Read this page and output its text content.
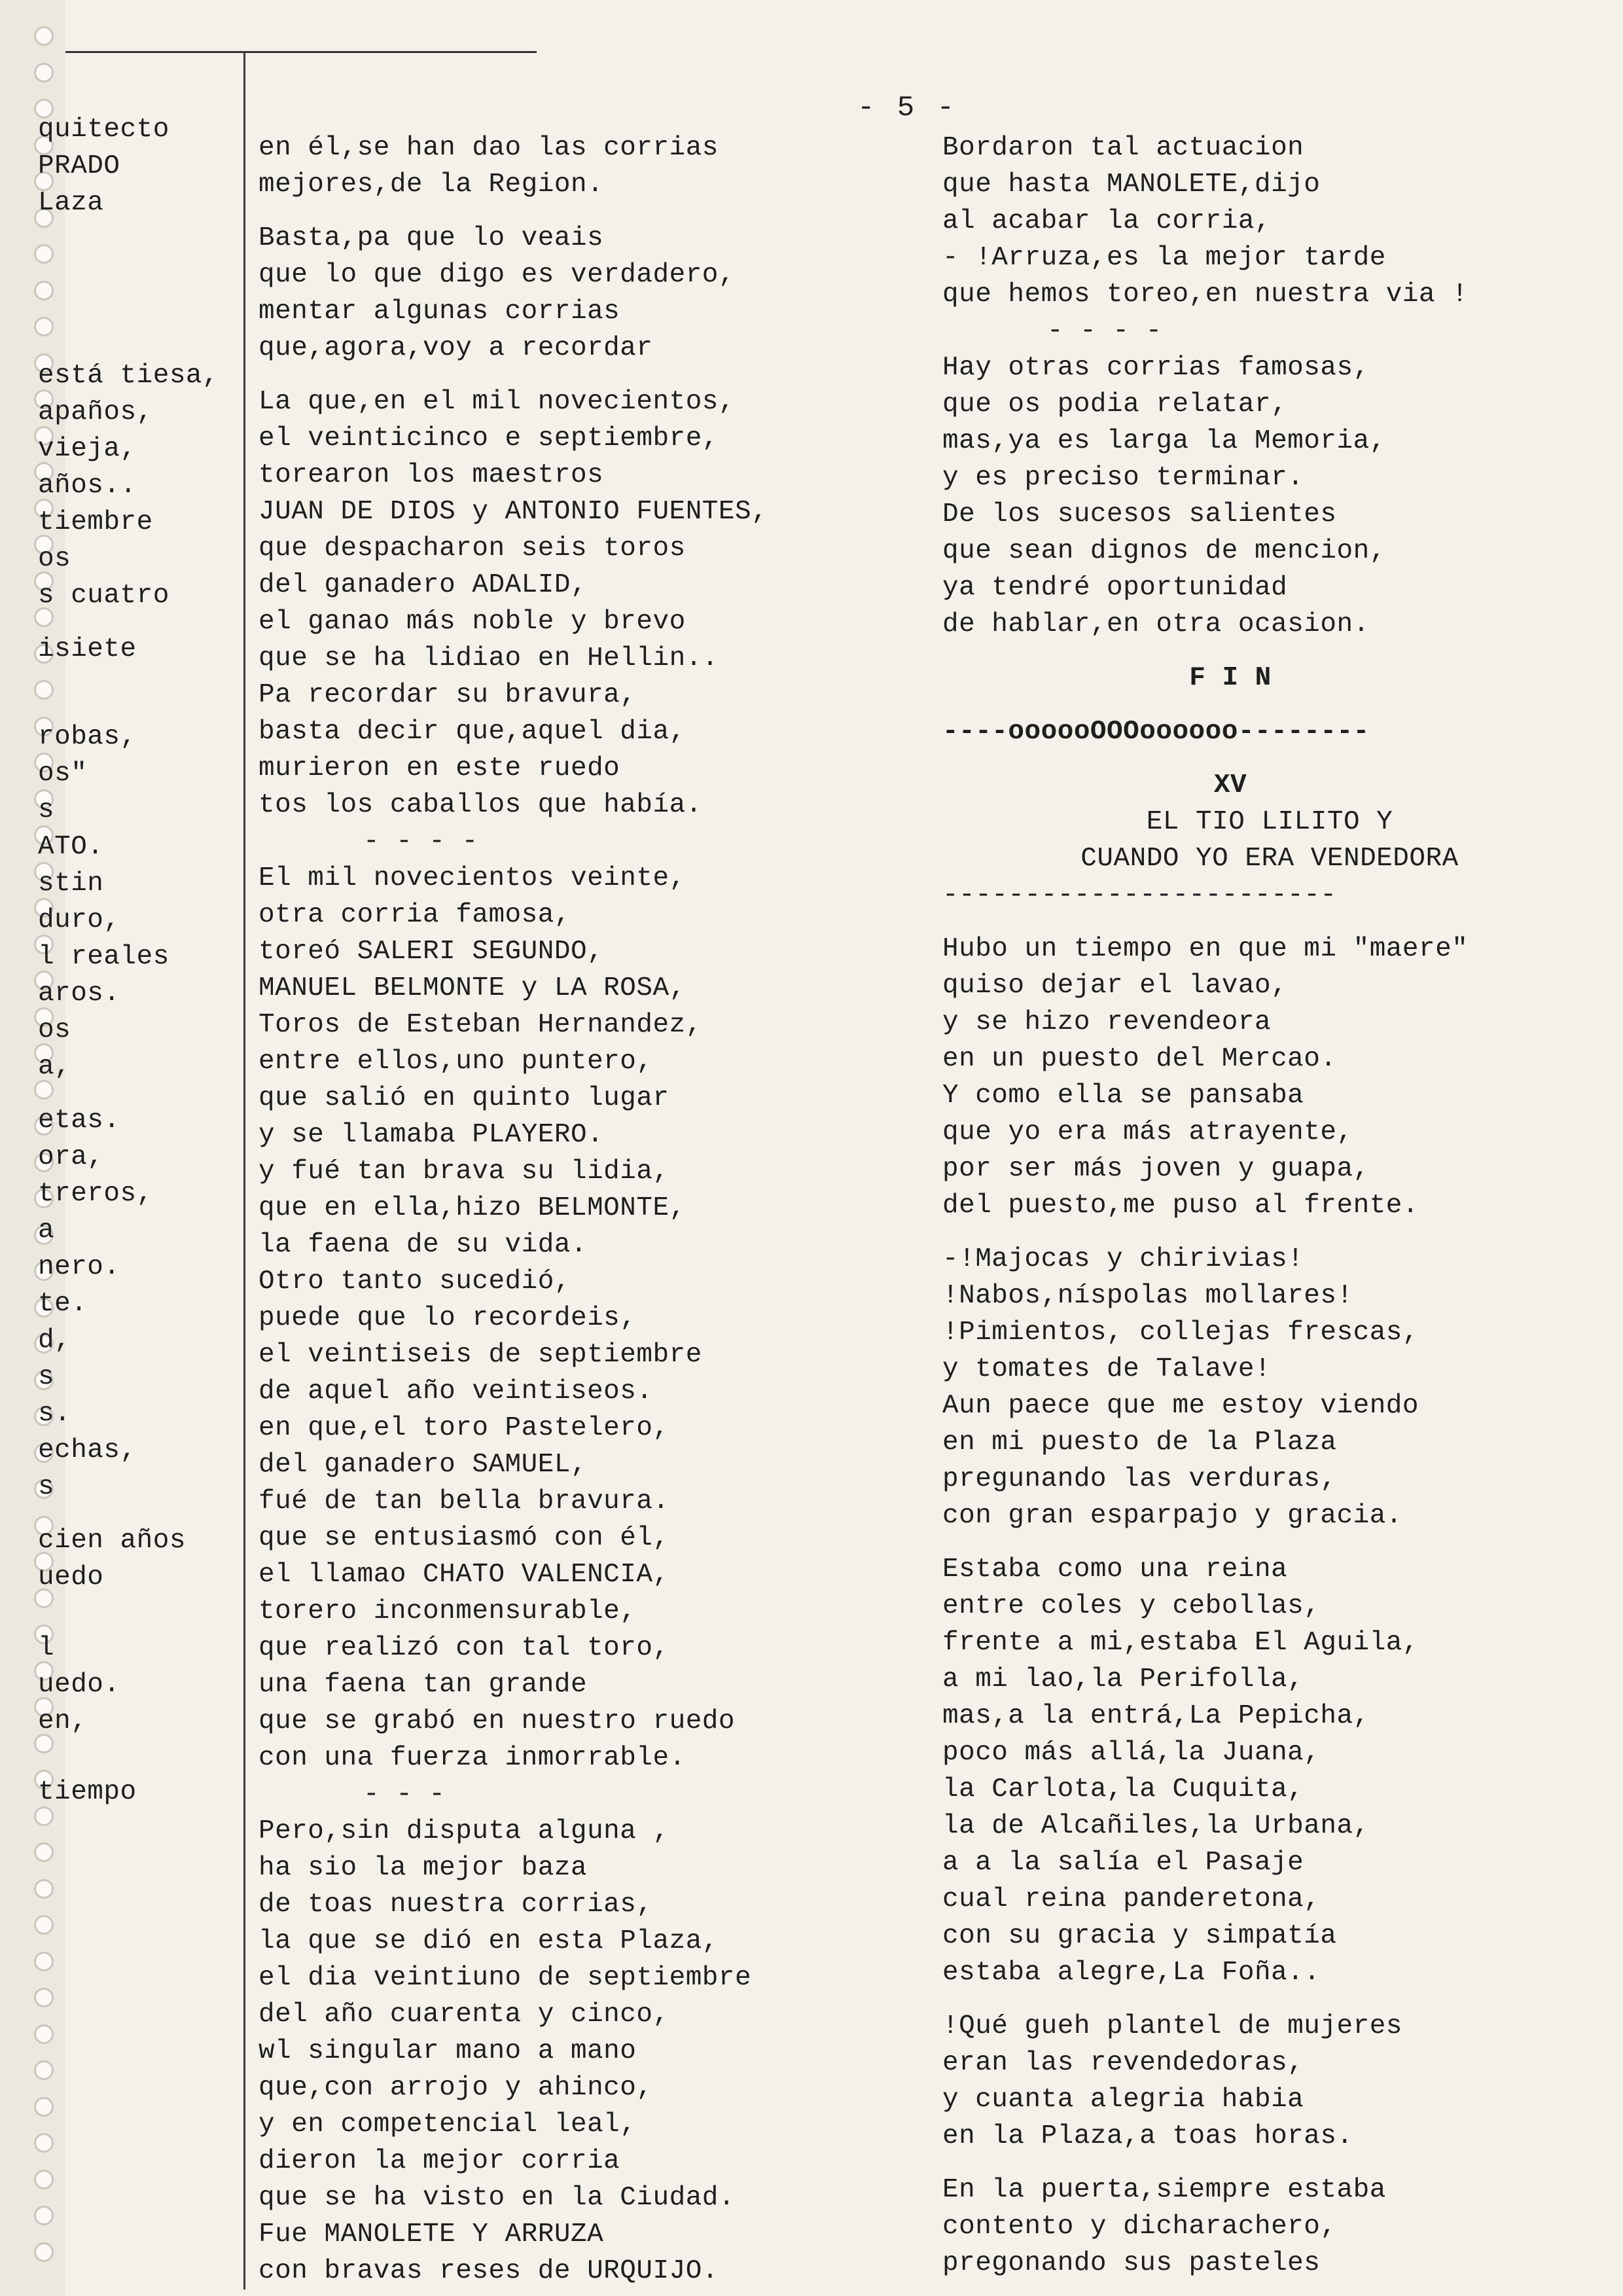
- 5 -
quitecto
PRADO
Laza
está tiesa,
apaños,
vieja,
años..
tiembre
os
s cuatro
isiete
robas,
os"
s
ATO.
stin
duro,
l reales
aros.
os
a,
etas.
ora,
treros,
a
nero.
te.
d,
s
s.
echas,
s
cien años
uedo
l
uedo.
en,
tiempo
en él,se han dao las corrias
mejores,de la Region.
Basta,pa que lo veais
que lo que digo es verdadero,
mentar algunas corrias
que,agora,voy a recordar
La que,en el mil novecientos,
el veinticinco e septiembre,
torearon los maestros
JUAN DE DIOS y ANTONIO FUENTES,
que despacharon seis toros
del ganadero ADALID,
el ganao más noble y brevo
que se ha lidiao en Hellin..
Pa recordar su bravura,
basta decir que,aquel dia,
murieron en este ruedo
tos los caballos que había.
- - - -
El mil novecientos veinte,
otra corria famosa,
toreó SALERI SEGUNDO,
MANUEL BELMONTE y LA ROSA,
Toros de Esteban Hernandez,
entre ellos,uno puntero,
que salió en quinto lugar
y se llamaba PLAYERO.
y fué tan brava su lidia,
que en ella,hizo BELMONTE,
la faena de su vida.
Otro tanto sucedió,
puede que lo recordeis,
el veintiseis de septiembre
de aquel año veintiseos.
en que,el toro Pastelero,
del ganadero SAMUEL,
fué de tan bella bravura.
que se entusiasmó con él,
el llamao CHATO VALENCIA,
torero inconmensurable,
que realizó con tal toro,
una faena tan grande
que se grabó en nuestro ruedo
con una fuerza inmorrable.
- - -
Pero,sin disputa alguna ,
ha sio la mejor baza
de toas nuestra corrias,
la que se dió en esta Plaza,
el dia veintiuno de septiembre
del año cuarenta y cinco,
wl singular mano a mano
que,con arrojo y ahinco,
y en competencial leal,
dieron la mejor corria
que se ha visto en la Ciudad.
Fue MANOLETE Y ARRUZA
con bravas reses de URQUIJO.
Bordaron tal actuacion
que hasta MANOLETE,dijo
al acabar la corria,
- !Arruza,es la mejor tarde
que hemos toreo,en nuestra via !
- - - -
Hay otras corrias famosas,
que os podia relatar,
mas,ya es larga la Memoria,
y es preciso terminar.
De los sucesos salientes
que sean dignos de mencion,
ya tendré oportunidad
de hablar,en otra ocasion.
F I N
----oooooOOOoooooo--------
XV
EL TIO LILITO Y
CUANDO YO ERA VENDEDORA
------------------------
Hubo un tiempo en que mi "maere"
quiso dejar el lavao,
y se hizo revendeora
en un puesto del Mercao.
Y como ella se pansaba
que yo era más atrayente,
por ser más joven y guapa,
del puesto,me puso al frente.
-!Majocas y chirivias!
!Nabos,níspolas mollares!
!Pimientos, collejas frescas,
y tomates de Talave!
Aun paece que me estoy viendo
en mi puesto de la Plaza
pregunando las verduras,
con gran esparpajo y gracia.
Estaba como una reina
entre coles y cebollas,
frente a mi,estaba El Aguila,
a mi lao,la Perifolla,
mas,a la entrá,La Pepicha,
poco más allá,la Juana,
la Carlota,la Cuquita,
la de Alcañiles,la Urbana,
a a la salía el Pasaje
cual reina panderetona,
con su gracia y simpatía
estaba alegre,La Foña..
!Qué gueh plantel de mujeres
eran las revendedoras,
y cuanta alegria habia
en la Plaza,a toas horas.
En la puerta,siempre estaba
contento y dicharachero,
pregonando sus pasteles
